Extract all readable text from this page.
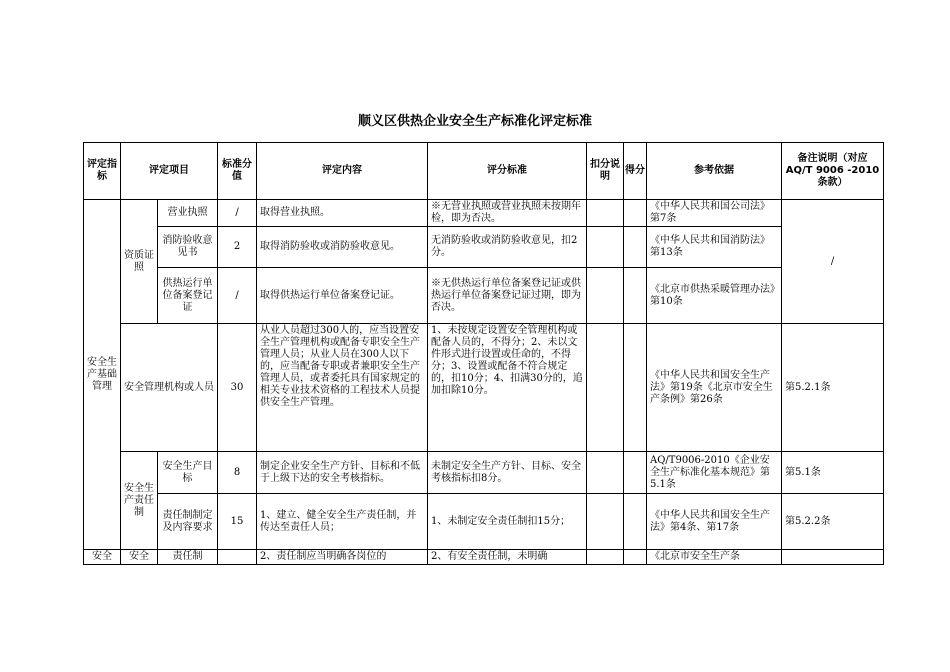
顺义区供热企业安全生产标准化评定标准
评定指标	评定项目		标准分值	评定内容	评分标准	扣分说明	得分	参考依据	备注说明（对应AQ/T 9006 -2010条款）
安全生产基础管理	资质证照	营业执照	/	取得营业执照。	※无营业执照或营业执照未按期年检，即为否决。			《中华人民共和国公司法》第7条	/
		消防验收意见书	2	取得消防验收或消防验收意见。	无消防验收或消防验收意见，扣2分。			《中华人民共和国消防法》第13条	
		供热运行单位备案登记证	/	取得供热运行单位备案登记证。	※无供热运行单位备案登记证或供热运行单位备案登记证过期，即为否决。			《北京市供热采暖管理办法》第10条	
	安全管理机构或人员		30	从业人员超过300人的，应当设置安全生产管理机构或配备专职安全生产管理人员；从业人员在300人以下的，应当配备专职或者兼职安全生产管理人员，或者委托具有国家规定的相关专业技术资格的工程技术人员提供安全生产管理。	1、未按规定设置安全管理机构或配备人员的，不得分；2、未以文件形式进行设置或任命的，不得分；3、设置或配备不符合规定的，扣10分；4、扣满30分的，追加扣除10分。			《中华人民共和国安全生产法》第19条《北京市安全生产条例》第26条	第5.2.1条
	安全生产责任制	安全生产目标	8	制定企业安全生产方针、目标和不低于上级下达的安全考核指标。	未制定安全生产方针、目标、安全考核指标扣8分。			AQ/T9006-2010《企业安全生产标准化基本规范》第5.1条	第5.1条
		责任制制定及内容要求	15	1、建立、健全安全生产责任制，并传达至责任人员；	1、未制定安全责任制扣15分；			《中华人民共和国安全生产法》第4条、第17条	第5.2.2条
安全	安全	责任制		2、责任制应当明确各岗位的	2、有安全责任制，未明确			《北京市安全生产条	
